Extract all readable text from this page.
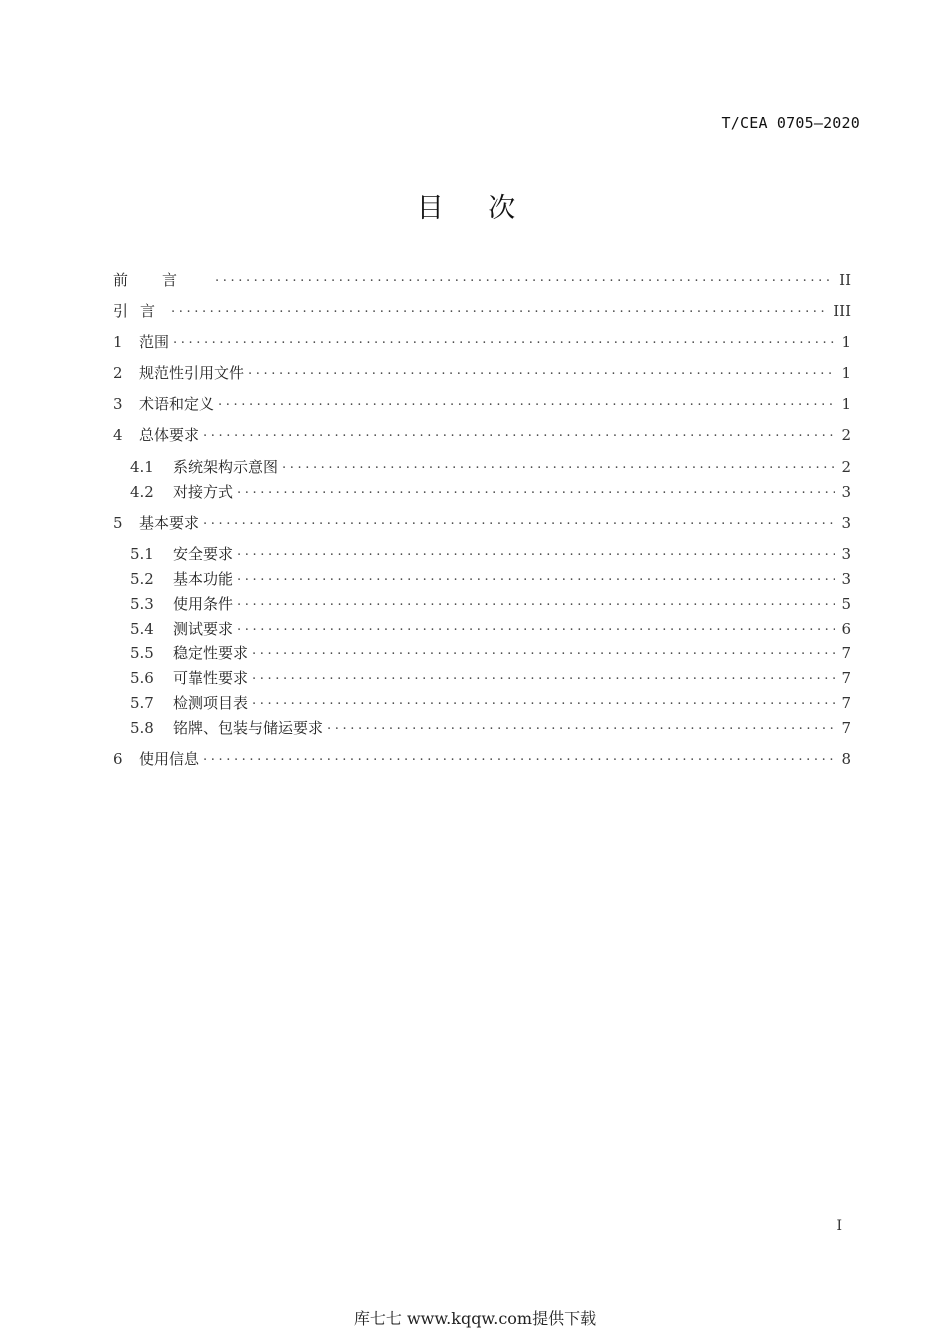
T/CEA 0705—2020
目 次
前言 .....	II
引言 .....	III
1	范围 .....	1
2	规范性引用文件 .....	1
3	术语和定义 .....	1
4	总体要求 .....	2
4.1	系统架构示意图 .....	2
4.2	对接方式 .....	3
5	基本要求 .....	3
5.1	安全要求 .....	3
5.2	基本功能 .....	3
5.3	使用条件 .....	5
5.4	测试要求 .....	6
5.5	稳定性要求 .....	7
5.6	可靠性要求 .....	7
5.7	检测项目表 .....	7
5.8	铭牌、包装与储运要求 .....	7
6	使用信息 .....	8
I
库七七 www.kqqw.com提供下载
